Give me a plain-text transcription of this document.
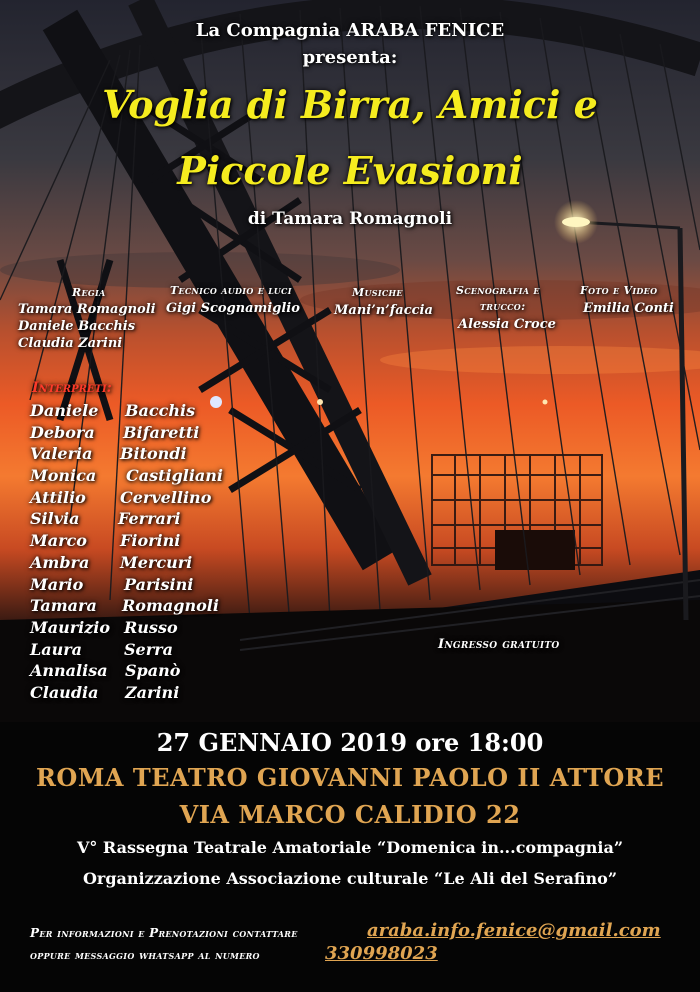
La Compagnia ARABA FENICE
presenta:
Voglia di Birra, Amici e
Piccole Evasioni
di Tamara Romagnoli
Regia
Tamara Romagnoli
Daniele Bacchis
Claudia Zarini
Tecnico audio e luci
Gigi Scognamiglio
Musiche
Mani’n’faccia
Scenografia e
trucco:
Alessia Croce
Foto e Video
Emilia Conti
Interpreti:
Daniele Bacchis
Debora Bifaretti
Valeria Bitondi
Monica Castigliani
Attilio Cervellino
Silvia Ferrari
Marco Fiorini
Ambra Mercuri
Mario	Parisini
Tamara Romagnoli
Maurizio Russo
Laura	Serra
Annalisa Spanò
Claudia Zarini
Ingresso gratuito
27 GENNAIO 2019 ore 18:00
ROMA TEATRO GIOVANNI PAOLO II ATTORE
VIA MARCO CALIDIO 22
V° Rassegna Teatrale Amatoriale “Domenica in...compagnia”
Organizzazione Associazione culturale “Le Ali del Serafino”
Per informazioni e Prenotazioni contattare
oppure messaggio whatsapp al numero
araba.info.fenice@gmail.com
330998023
